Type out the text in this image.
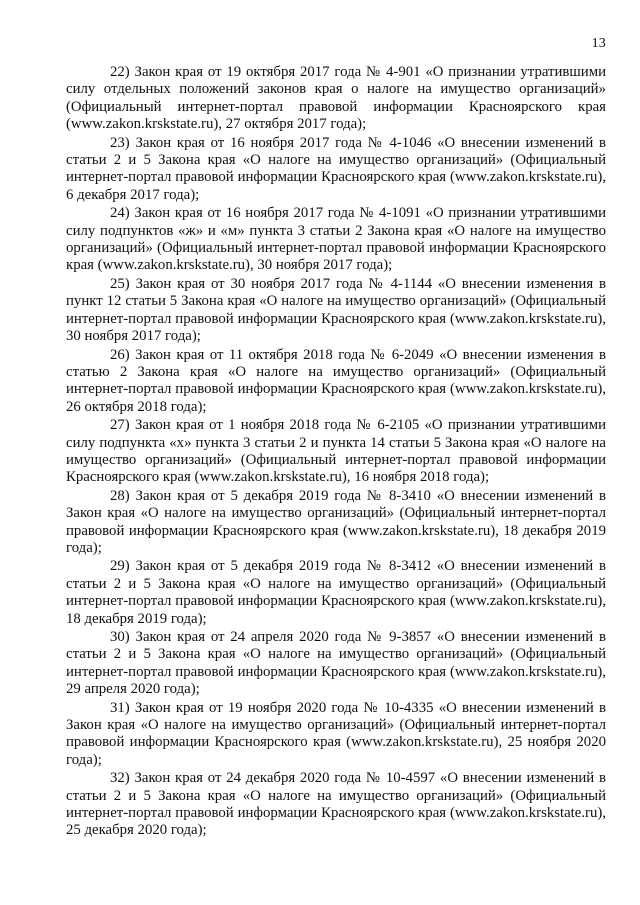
13

22) Закон края от 19 октября 2017 года № 4-901 «О признании утратившими силу отдельных положений законов края о налоге на имущество организаций» (Официальный интернет-портал правовой информации Красноярского края (www.zakon.krskstate.ru), 27 октября 2017 года);

23) Закон края от 16 ноября 2017 года № 4-1046 «О внесении изменений в статьи 2 и 5 Закона края «О налоге на имущество организаций» (Официальный интернет-портал правовой информации Красноярского края (www.zakon.krskstate.ru), 6 декабря 2017 года);

24) Закон края от 16 ноября 2017 года № 4-1091 «О признании утратившими силу подпунктов «ж» и «м» пункта 3 статьи 2 Закона края «О налоге на имущество организаций» (Официальный интернет-портал правовой информации Красноярского края (www.zakon.krskstate.ru), 30 ноября 2017 года);

25) Закон края от 30 ноября 2017 года № 4-1144 «О внесении изменения в пункт 12 статьи 5 Закона края «О налоге на имущество организаций» (Официальный интернет-портал правовой информации Красноярского края (www.zakon.krskstate.ru), 30 ноября 2017 года);

26) Закон края от 11 октября 2018 года № 6-2049 «О внесении изменения в статью 2 Закона края «О налоге на имущество организаций» (Официальный интернет-портал правовой информации Красноярского края (www.zakon.krskstate.ru), 26 октября 2018 года);

27) Закон края от 1 ноября 2018 года № 6-2105 «О признании утратившими силу подпункта «х» пункта 3 статьи 2 и пункта 14 статьи 5 Закона края «О налоге на имущество организаций» (Официальный интернет-портал правовой информации Красноярского края (www.zakon.krskstate.ru), 16 ноября 2018 года);

28) Закон края от 5 декабря 2019 года № 8-3410 «О внесении изменений в Закон края «О налоге на имущество организаций» (Официальный интернет-портал правовой информации Красноярского края (www.zakon.krskstate.ru), 18 декабря 2019 года);

29) Закон края от 5 декабря 2019 года № 8-3412 «О внесении изменений в статьи 2 и 5 Закона края «О налоге на имущество организаций» (Официальный интернет-портал правовой информации Красноярского края (www.zakon.krskstate.ru), 18 декабря 2019 года);

30) Закон края от 24 апреля 2020 года № 9-3857 «О внесении изменений в статьи 2 и 5 Закона края «О налоге на имущество организаций» (Официальный интернет-портал правовой информации Красноярского края (www.zakon.krskstate.ru), 29 апреля 2020 года);

31) Закон края от 19 ноября 2020 года № 10-4335 «О внесении изменений в Закон края «О налоге на имущество организаций» (Официальный интернет-портал правовой информации Красноярского края (www.zakon.krskstate.ru), 25 ноября 2020 года);

32) Закон края от 24 декабря 2020 года № 10-4597 «О внесении изменений в статьи 2 и 5 Закона края «О налоге на имущество организаций» (Официальный интернет-портал правовой информации Красноярского края (www.zakon.krskstate.ru), 25 декабря 2020 года);
